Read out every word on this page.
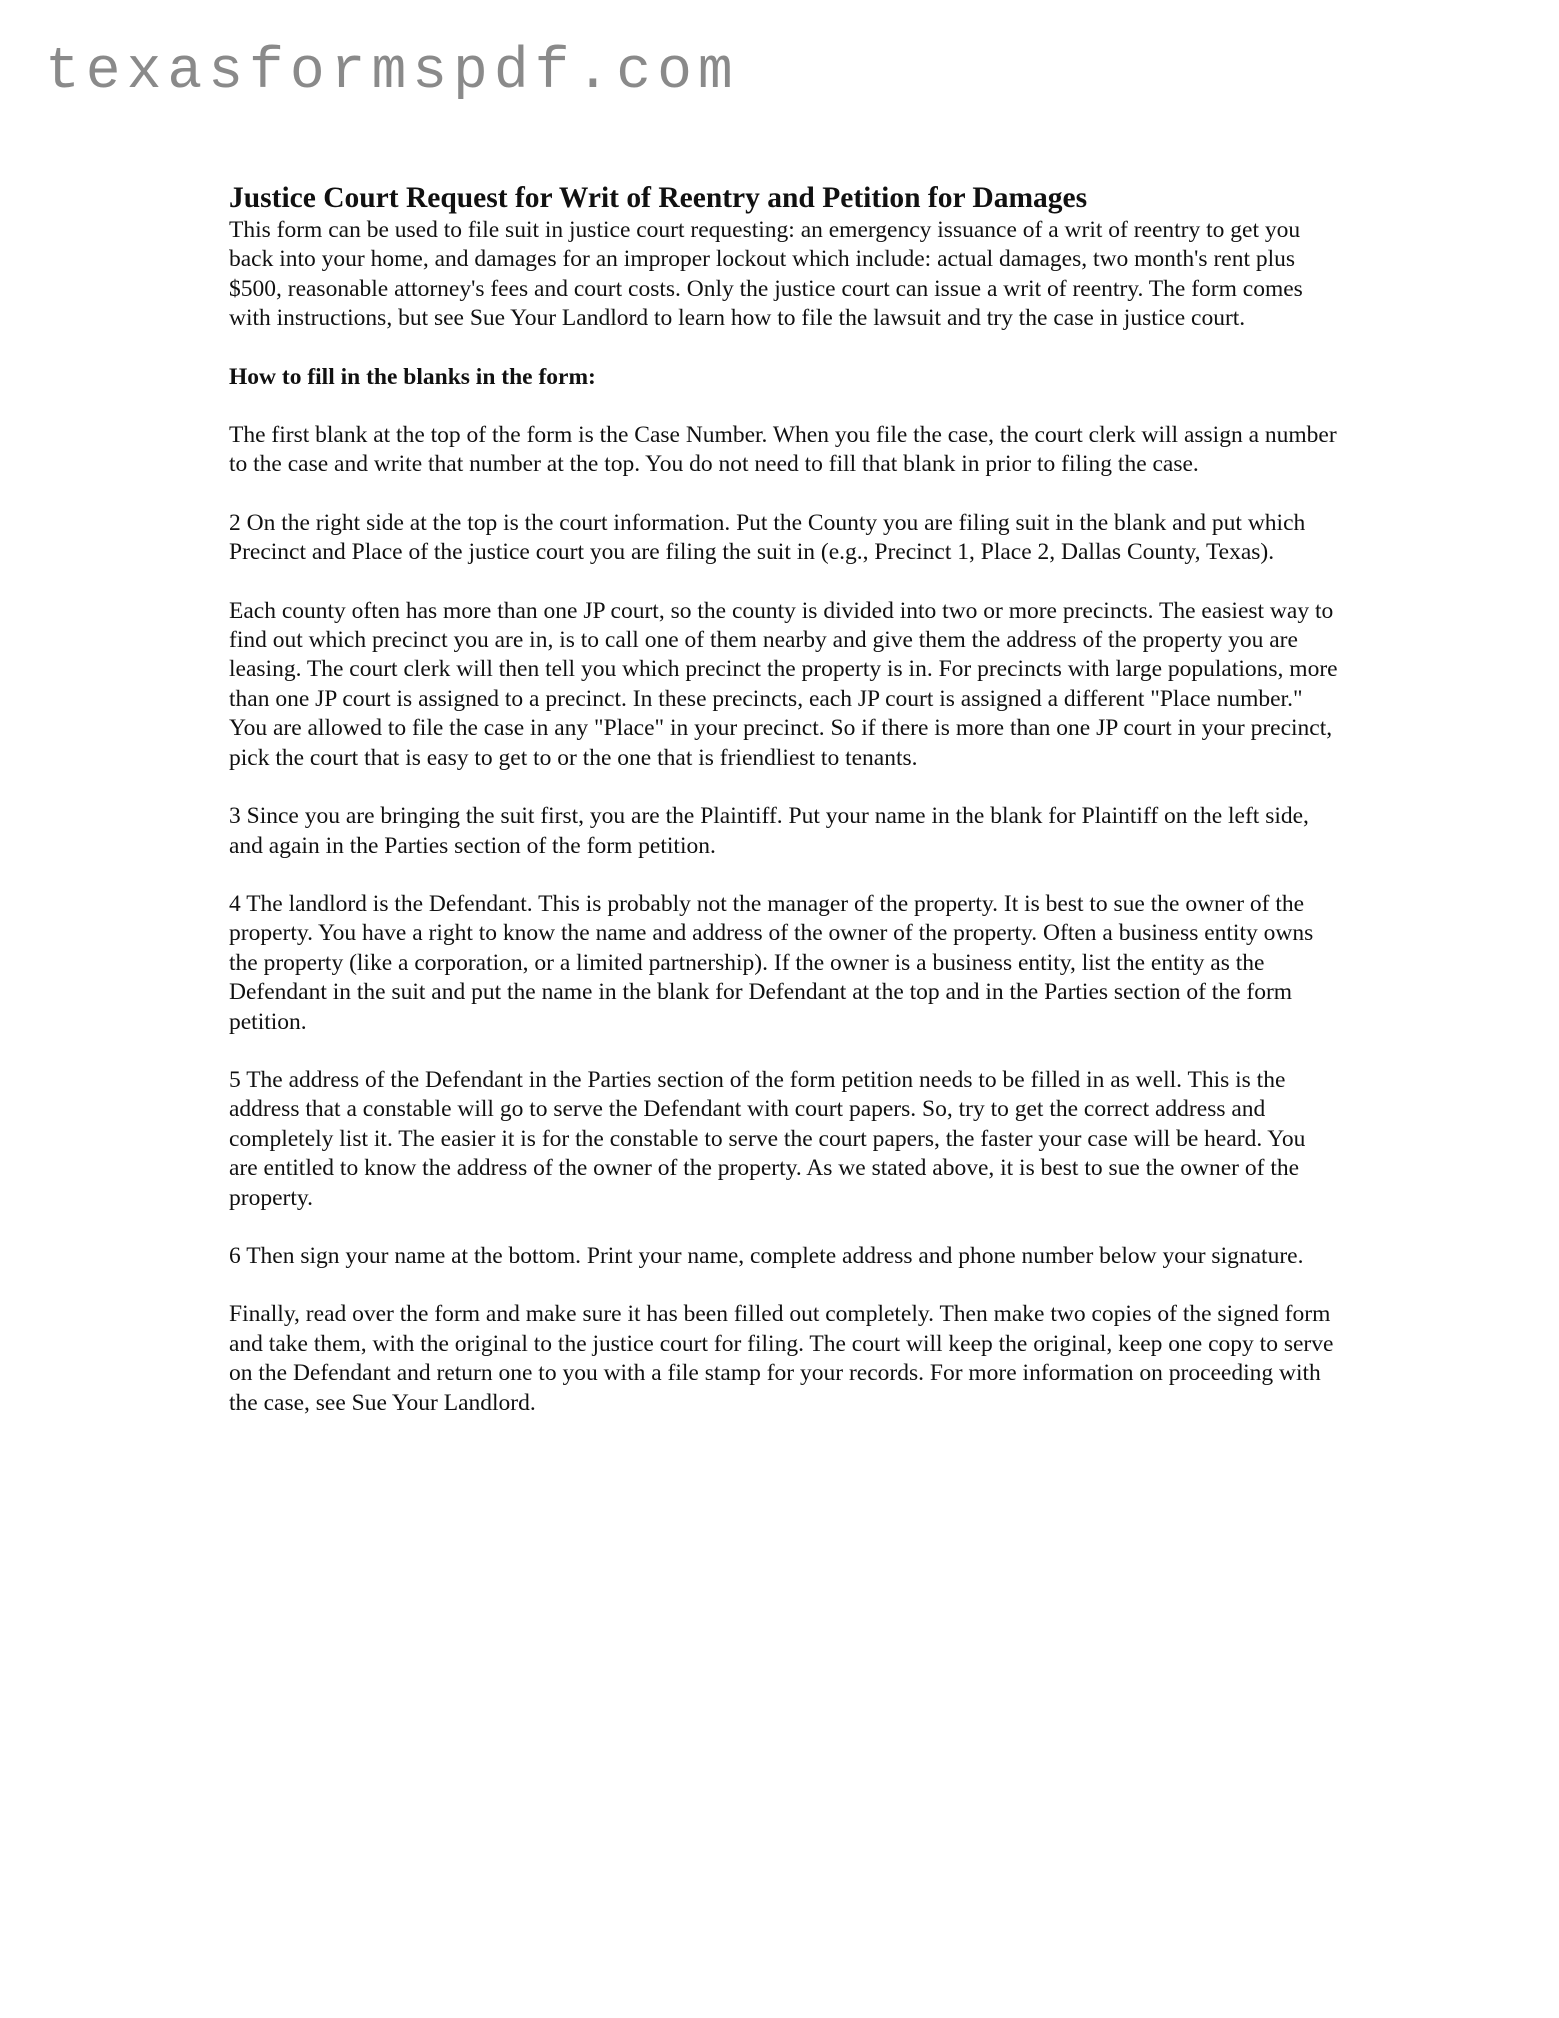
texasformspdf.com
Justice Court Request for Writ of Reentry and Petition for Damages

This form can be used to file suit in justice court requesting: an emergency issuance of a writ of reentry to get you back into your home, and damages for an improper lockout which include: actual damages, two month's rent plus $500, reasonable attorney's fees and court costs. Only the justice court can issue a writ of reentry. The form comes with instructions, but see Sue Your Landlord to learn how to file the lawsuit and try the case in justice court.

How to fill in the blanks in the form:

The first blank at the top of the form is the Case Number. When you file the case, the court clerk will assign a number to the case and write that number at the top. You do not need to fill that blank in prior to filing the case.

2 On the right side at the top is the court information. Put the County you are filing suit in the blank and put which Precinct and Place of the justice court you are filing the suit in (e.g., Precinct 1, Place 2, Dallas County, Texas).

Each county often has more than one JP court, so the county is divided into two or more precincts. The easiest way to find out which precinct you are in, is to call one of them nearby and give them the address of the property you are leasing. The court clerk will then tell you which precinct the property is in. For precincts with large populations, more than one JP court is assigned to a precinct. In these precincts, each JP court is assigned a different "Place number." You are allowed to file the case in any "Place" in your precinct. So if there is more than one JP court in your precinct, pick the court that is easy to get to or the one that is friendliest to tenants.

3 Since you are bringing the suit first, you are the Plaintiff. Put your name in the blank for Plaintiff on the left side, and again in the Parties section of the form petition.

4 The landlord is the Defendant. This is probably not the manager of the property. It is best to sue the owner of the property. You have a right to know the name and address of the owner of the property. Often a business entity owns the property (like a corporation, or a limited partnership). If the owner is a business entity, list the entity as the Defendant in the suit and put the name in the blank for Defendant at the top and in the Parties section of the form petition.

5 The address of the Defendant in the Parties section of the form petition needs to be filled in as well. This is the address that a constable will go to serve the Defendant with court papers. So, try to get the correct address and completely list it. The easier it is for the constable to serve the court papers, the faster your case will be heard. You are entitled to know the address of the owner of the property. As we stated above, it is best to sue the owner of the property.

6 Then sign your name at the bottom. Print your name, complete address and phone number below your signature.

Finally, read over the form and make sure it has been filled out completely. Then make two copies of the signed form and take them, with the original to the justice court for filing. The court will keep the original, keep one copy to serve on the Defendant and return one to you with a file stamp for your records. For more information on proceeding with the case, see Sue Your Landlord.
